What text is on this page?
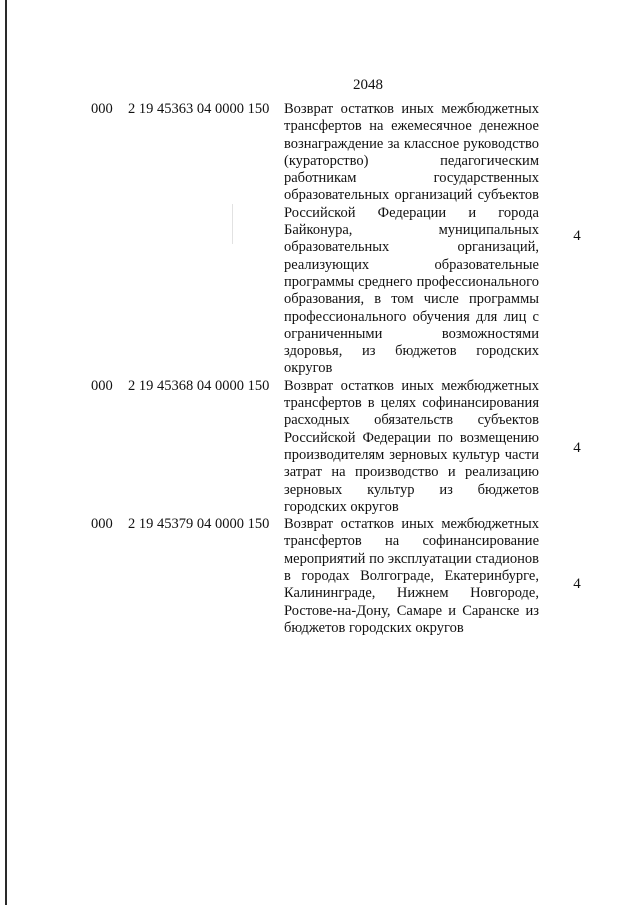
2048
000 2 19 45363 04 0000 150 Возврат остатков иных межбюджетных трансфертов на ежемесячное денежное вознаграждение за классное руководство (кураторство) педагогическим работникам государственных образовательных организаций субъектов Российской Федерации и города Байконура, муниципальных образовательных организаций, реализующих образовательные программы среднего профессионального образования, в том числе программы профессионального обучения для лиц с ограниченными возможностями здоровья, из бюджетов городских округов
4
000 2 19 45368 04 0000 150 Возврат остатков иных межбюджетных трансфертов в целях софинансирования расходных обязательств субъектов Российской Федерации по возмещению производителям зерновых культур части затрат на производство и реализацию зерновых культур из бюджетов городских округов
4
000 2 19 45379 04 0000 150 Возврат остатков иных межбюджетных трансфертов на софинансирование мероприятий по эксплуатации стадионов в городах Волгограде, Екатеринбурге, Калининграде, Нижнем Новгороде, Ростове-на-Дону, Самаре и Саранске из бюджетов городских округов
4
